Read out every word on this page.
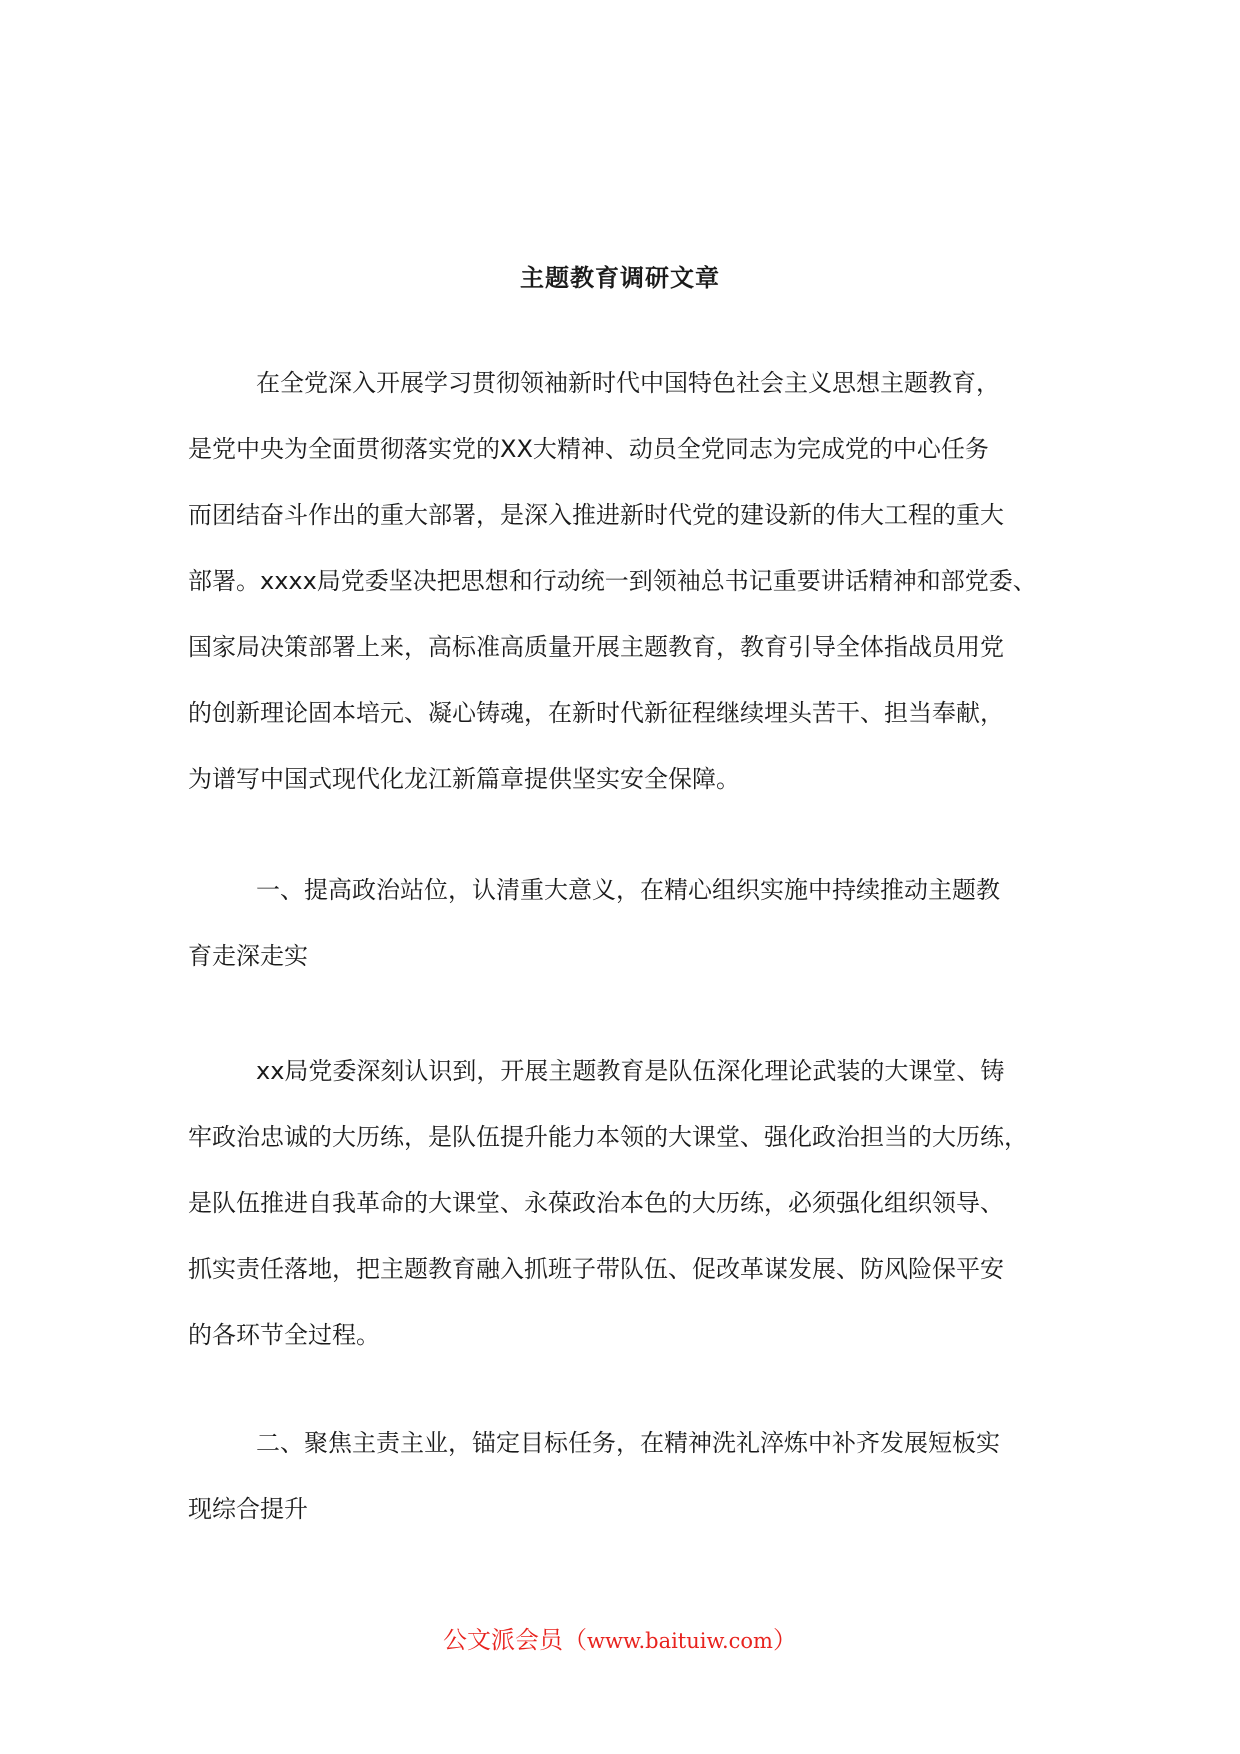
主题教育调研文章
在全党深入开展学习贯彻领袖新时代中国特色社会主义思想主题教育，
是党中央为全面贯彻落实党的XX大精神、动员全党同志为完成党的中心任务
而团结奋斗作出的重大部署，是深入推进新时代党的建设新的伟大工程的重大
部署。xxxx局党委坚决把思想和行动统一到领袖总书记重要讲话精神和部党委、
国家局决策部署上来，高标准高质量开展主题教育，教育引导全体指战员用党
的创新理论固本培元、凝心铸魂，在新时代新征程继续埋头苦干、担当奉献，
为谱写中国式现代化龙江新篇章提供坚实安全保障。
一、提高政治站位，认清重大意义，在精心组织实施中持续推动主题教
育走深走实
xx局党委深刻认识到，开展主题教育是队伍深化理论武装的大课堂、铸
牢政治忠诚的大历练，是队伍提升能力本领的大课堂、强化政治担当的大历练，
是队伍推进自我革命的大课堂、永葆政治本色的大历练，必须强化组织领导、
抓实责任落地，把主题教育融入抓班子带队伍、促改革谋发展、防风险保平安
的各环节全过程。
二、聚焦主责主业，锚定目标任务，在精神洗礼淬炼中补齐发展短板实
现综合提升
公文派会员（www.baituiw.com）
